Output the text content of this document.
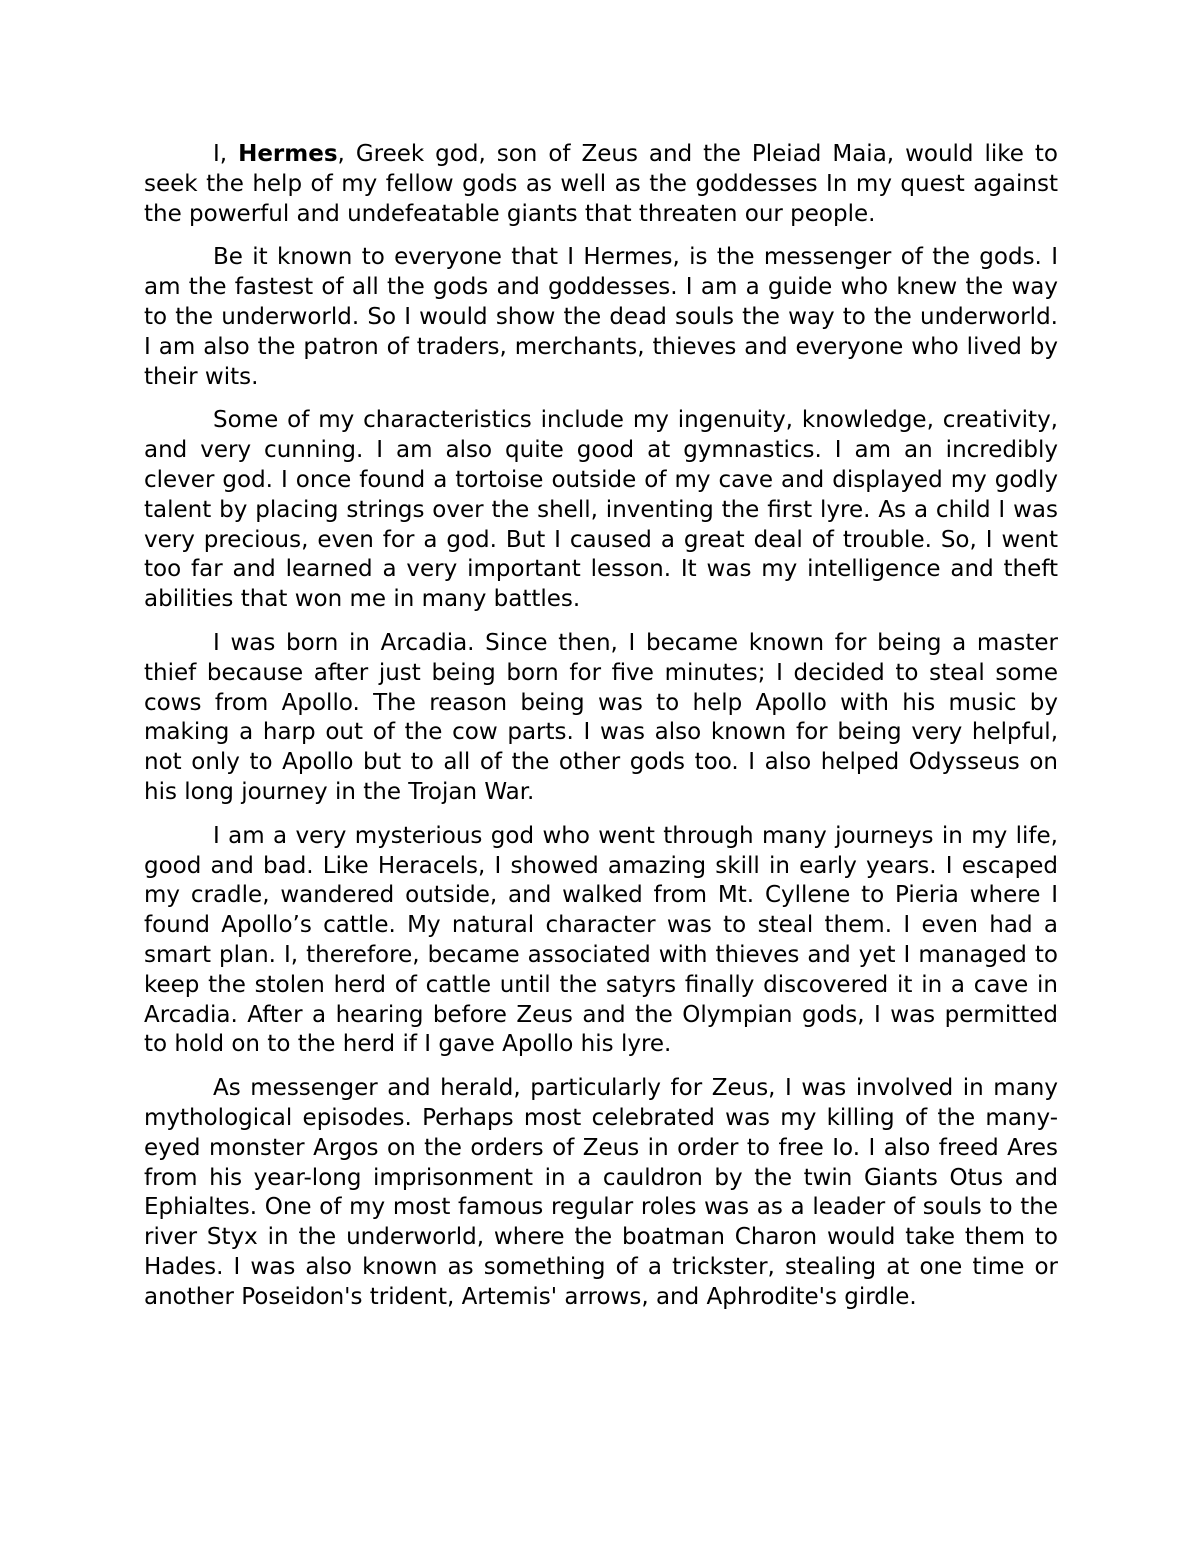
I, Hermes, Greek god, son of Zeus and the Pleiad Maia, would like to seek the help of my fellow gods as well as the goddesses In my quest against the powerful and undefeatable giants that threaten our people.

Be it known to everyone that I Hermes, is the messenger of the gods. I am the fastest of all the gods and goddesses. I am a guide who knew the way to the underworld. So I would show the dead souls the way to the underworld. I am also the patron of traders, merchants, thieves and everyone who lived by their wits.

Some of my characteristics include my ingenuity, knowledge, creativity, and very cunning. I am also quite good at gymnastics. I am an incredibly clever god. I once found a tortoise outside of my cave and displayed my godly talent by placing strings over the shell, inventing the first lyre. As a child I was very precious, even for a god. But I caused a great deal of trouble. So, I went too far and learned a very important lesson. It was my intelligence and theft abilities that won me in many battles.

I was born in Arcadia. Since then, I became known for being a master thief because after just being born for five minutes; I decided to steal some cows from Apollo. The reason being was to help Apollo with his music by making a harp out of the cow parts. I was also known for being very helpful, not only to Apollo but to all of the other gods too. I also helped Odysseus on his long journey in the Trojan War.

I am a very mysterious god who went through many journeys in my life, good and bad. Like Heracels, I showed amazing skill in early years. I escaped my cradle, wandered outside, and walked from Mt. Cyllene to Pieria where I found Apollo’s cattle. My natural character was to steal them. I even had a smart plan. I, therefore, became associated with thieves and yet I managed to keep the stolen herd of cattle until the satyrs finally discovered it in a cave in Arcadia. After a hearing before Zeus and the Olympian gods, I was permitted to hold on to the herd if I gave Apollo his lyre.

As messenger and herald, particularly for Zeus, I was involved in many mythological episodes. Perhaps most celebrated was my killing of the many-eyed monster Argos on the orders of Zeus in order to free Io. I also freed Ares from his year-long imprisonment in a cauldron by the twin Giants Otus and Ephialtes. One of my most famous regular roles was as a leader of souls to the river Styx in the underworld, where the boatman Charon would take them to Hades. I was also known as something of a trickster, stealing at one time or another Poseidon's trident, Artemis' arrows, and Aphrodite's girdle.
